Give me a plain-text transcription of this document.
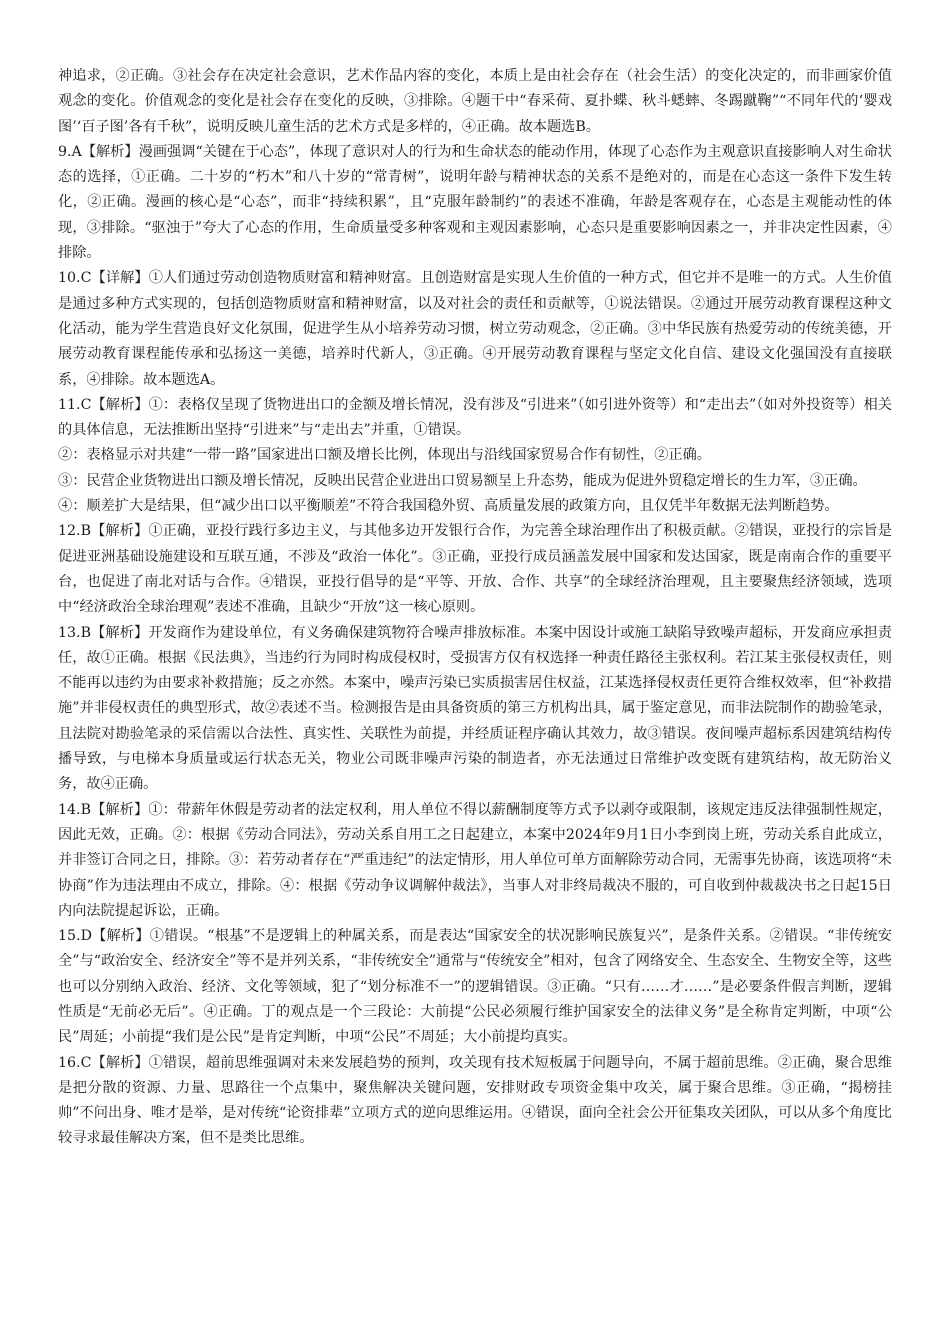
神追求，②正确。③社会存在决定社会意识，艺术作品内容的变化，本质上是由社会存在（社会生活）的变化决定的，而非画家价值观念的变化。价值观念的变化是社会存在变化的反映，③排除。④题干中“春采荷、夏扑蝶、秋斗蟋蟀、冬踢蹴鞠”“不同年代的‘婴戏图’‘百子图’各有千秋”，说明反映儿童生活的艺术方式是多样的，④正确。故本题选B。

9.A【解析】漫画强调“关键在于心态”，体现了意识对人的行为和生命状态的能动作用，体现了心态作为主观意识直接影响人对生命状态的选择，①正确。二十岁的“朽木”和八十岁的“常青树”，说明年龄与精神状态的关系不是绝对的，而是在心态这一条件下发生转化，②正确。漫画的核心是“心态”，而非“持续积累”，且“克服年龄制约”的表述不准确，年龄是客观存在，心态是主观能动性的体现，③排除。“驱浊于”夸大了心态的作用，生命质量受多种客观和主观因素影响，心态只是重要影响因素之一，并非决定性因素，④排除。

10.C【详解】①人们通过劳动创造物质财富和精神财富。且创造财富是实现人生价值的一种方式，但它并不是唯一的方式。人生价值是通过多种方式实现的，包括创造物质财富和精神财富，以及对社会的责任和贡献等，①说法错误。②通过开展劳动教育课程这种文化活动，能为学生营造良好文化氛围，促进学生从小培养劳动习惯，树立劳动观念，②正确。③中华民族有热爱劳动的传统美德，开展劳动教育课程能传承和弘扬这一美德，培养时代新人，③正确。④开展劳动教育课程与坚定文化自信、建设文化强国没有直接联系，④排除。故本题选A。

11.C【解析】①：表格仅呈现了货物进出口的金额及增长情况，没有涉及“引进来”（如引进外资等）和“走出去”（如对外投资等）相关的具体信息，无法推断出坚持“引进来”与“走出去”并重，①错误。

②：表格显示对共建“一带一路”国家进出口额及增长比例，体现出与沿线国家贸易合作有韧性，②正确。

③：民营企业货物进出口额及增长情况，反映出民营企业进出口贸易额呈上升态势，能成为促进外贸稳定增长的生力军，③正确。

④：顺差扩大是结果，但“减少出口以平衡顺差”不符合我国稳外贸、高质量发展的政策方向，且仅凭半年数据无法判断趋势。

12.B【解析】①正确，亚投行践行多边主义，与其他多边开发银行合作，为完善全球治理作出了积极贡献。②错误，亚投行的宗旨是促进亚洲基础设施建设和互联互通，不涉及“政治一体化”。③正确，亚投行成员涵盖发展中国家和发达国家，既是南南合作的重要平台，也促进了南北对话与合作。④错误，亚投行倡导的是“平等、开放、合作、共享”的全球经济治理观，且主要聚焦经济领域，选项中“经济政治全球治理观”表述不准确，且缺少“开放”这一核心原则。

13.B【解析】开发商作为建设单位，有义务确保建筑物符合噪声排放标准。本案中因设计或施工缺陷导致噪声超标，开发商应承担责任，故①正确。根据《民法典》，当违约行为同时构成侵权时，受损害方仅有权选择一种责任路径主张权利。若江某主张侵权责任，则不能再以违约为由要求补救措施；反之亦然。本案中，噪声污染已实质损害居住权益，江某选择侵权责任更符合维权效率，但“补救措施”并非侵权责任的典型形式，故②表述不当。检测报告是由具备资质的第三方机构出具，属于鉴定意见，而非法院制作的勘验笔录，且法院对勘验笔录的采信需以合法性、真实性、关联性为前提，并经质证程序确认其效力，故③错误。夜间噪声超标系因建筑结构传播导致，与电梯本身质量或运行状态无关，物业公司既非噪声污染的制造者，亦无法通过日常维护改变既有建筑结构，故无防治义务，故④正确。

14.B【解析】①：带薪年休假是劳动者的法定权利，用人单位不得以薪酬制度等方式予以剥夺或限制，该规定违反法律强制性规定，因此无效，正确。②：根据《劳动合同法》，劳动关系自用工之日起建立，本案中2024年9月1日小李到岗上班，劳动关系自此成立，并非签订合同之日，排除。③：若劳动者存在“严重违纪”的法定情形，用人单位可单方面解除劳动合同，无需事先协商，该选项将“未协商”作为违法理由不成立，排除。④：根据《劳动争议调解仲裁法》，当事人对非终局裁决不服的，可自收到仲裁裁决书之日起15日内向法院提起诉讼，正确。

15.D【解析】①错误。“根基”不是逻辑上的种属关系，而是表达“国家安全的状况影响民族复兴”，是条件关系。②错误。“非传统安全”与“政治安全、经济安全”等不是并列关系，“非传统安全”通常与“传统安全”相对，包含了网络安全、生态安全、生物安全等，这些也可以分别纳入政治、经济、文化等领域，犯了“划分标准不一”的逻辑错误。③正确。“只有……才……”是必要条件假言判断，逻辑性质是“无前必无后”。④正确。丁的观点是一个三段论：大前提“公民必须履行维护国家安全的法律义务”是全称肯定判断，中项“公民”周延；小前提“我们是公民”是肯定判断，中项“公民”不周延；大小前提均真实。

16.C【解析】①错误，超前思维强调对未来发展趋势的预判，攻关现有技术短板属于问题导向，不属于超前思维。②正确，聚合思维是把分散的资源、力量、思路往一个点集中，聚焦解决关键问题，安排财政专项资金集中攻关，属于聚合思维。③正确，“揭榜挂帅”不问出身、唯才是举，是对传统“论资排辈”立项方式的逆向思维运用。④错误，面向全社会公开征集攻关团队，可以从多个角度比较寻求最佳解决方案，但不是类比思维。
